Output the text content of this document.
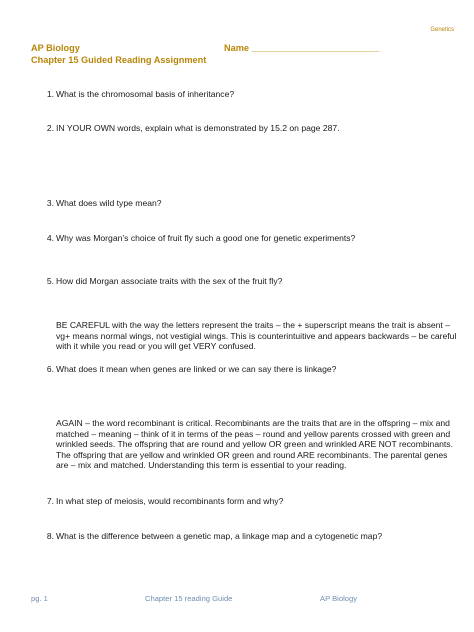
Genetics
AP Biology	Name _________________________
Chapter 15 Guided Reading Assignment
1. What is the chromosomal basis of inheritance?
2. IN YOUR OWN words, explain what is demonstrated by 15.2 on page 287.
3. What does wild type mean?
4. Why was Morgan’s choice of fruit fly such a good one for genetic experiments?
5. How did Morgan associate traits with the sex of the fruit fly?
BE CAREFUL with the way the letters represent the traits – the + superscript means the trait is absent – vg+ means normal wings, not vestigial wings. This is counterintuitive and appears backwards – be careful with it while you read or you will get VERY confused.
6. What does it mean when genes are linked or we can say there is linkage?
AGAIN – the word recombinant is critical. Recombinants are the traits that are in the offspring – mix and matched – meaning – think of it in terms of the peas – round and yellow parents crossed with green and wrinkled seeds. The offspring that are round and yellow OR green and wrinkled ARE NOT recombinants. The offspring that are yellow and wrinkled OR green and round ARE recombinants. The parental genes are – mix and matched. Understanding this term is essential to your reading.
7. In what step of meiosis, would recombinants form and why?
8. What is the difference between a genetic map, a linkage map and a cytogenetic map?
pg. 1	Chapter 15 reading Guide	AP Biology
